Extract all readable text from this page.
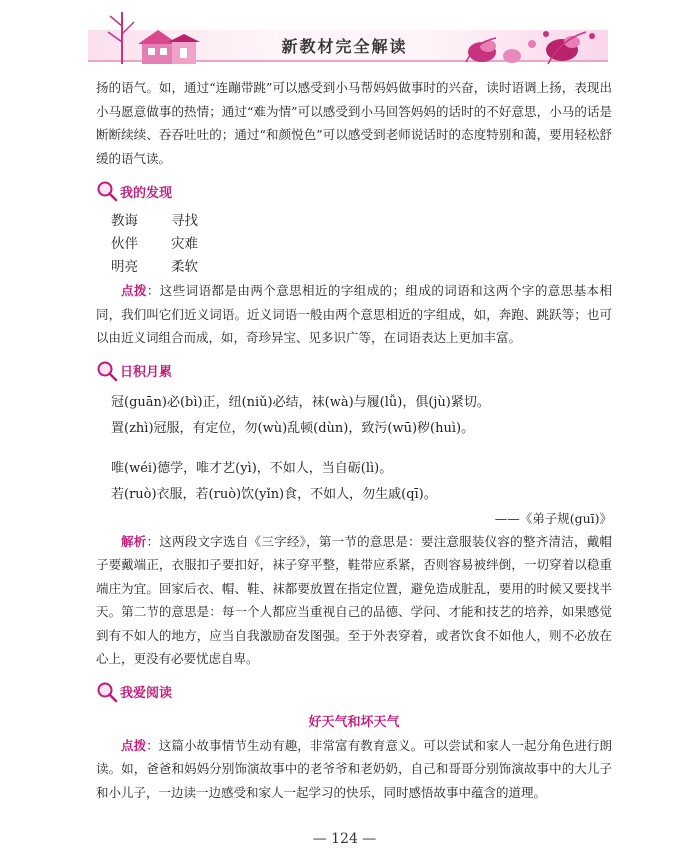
新教材完全解读

扬的语气。如，通过“连蹦带跳”可以感受到小马帮妈妈做事时的兴奋，读时语调上扬，表现出小马愿意做事的热情；通过“难为情”可以感受到小马回答妈妈的话时的不好意思，小马的话是断断续续、吞吞吐吐的；通过“和颜悦色”可以感受到老师说话时的态度特别和蔼，要用轻松舒缓的语气读。

我的发现
教诲 寻找
伙伴 灾难
明亮 柔软

点拨：这些词语都是由两个意思相近的字组成的；组成的词语和这两个字的意思基本相同，我们叫它们近义词语。近义词语一般由两个意思相近的字组成，如，奔跑、跳跃等；也可以由近义词组合而成，如，奇珍异宝、见多识广等，在词语表达上更加丰富。

日积月累
冠(guān)必(bì)正，纽(niǔ)必结，袜(wà)与履(lǚ)，俱(jù)紧切。
置(zhì)冠服，有定位，勿(wù)乱顿(dùn)，致污(wū)秽(huì)。
唯(wéi)德学，唯才艺(yì)，不如人，当自砺(lì)。
若(ruò)衣服，若(ruò)饮(yǐn)食，不如人，勿生戚(qī)。
——《弟子规(guī)》

解析：这两段文字选自《三字经》，第一节的意思是：要注意服装仪容的整齐清洁，戴帽子要戴端正，衣服扣子要扣好，袜子穿平整，鞋带应系紧，否则容易被绊倒，一切穿着以稳重端庄为宜。回家后衣、帽、鞋、袜都要放置在指定位置，避免造成脏乱，要用的时候又要找半天。第二节的意思是：每一个人都应当重视自己的品德、学问、才能和技艺的培养，如果感觉到有不如人的地方，应当自我激励奋发图强。至于外表穿着，或者饮食不如他人，则不必放在心上，更没有必要忧虑自卑。

我爱阅读
好天气和坏天气

点拨：这篇小故事情节生动有趣，非常富有教育意义。可以尝试和家人一起分角色进行朗读。如，爸爸和妈妈分别饰演故事中的老爷爷和老奶奶，自己和哥哥分别饰演故事中的大儿子和小儿子，一边读一边感受和家人一起学习的快乐，同时感悟故事中蕴含的道理。

— 124 —
